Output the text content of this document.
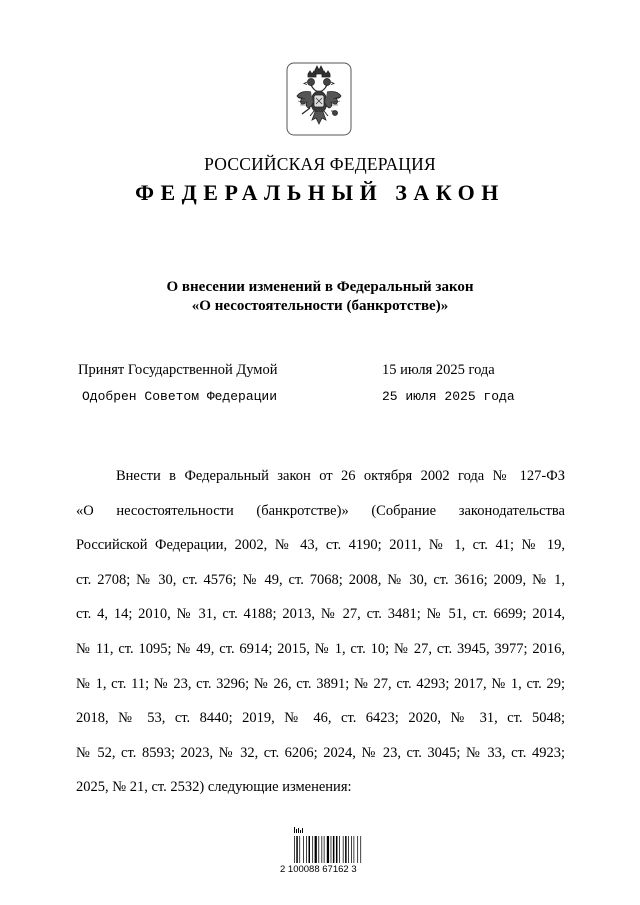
РОССИЙСКАЯ ФЕДЕРАЦИЯ
ФЕДЕРАЛЬНЫЙ ЗАКОН
О внесении изменений в Федеральный закон
«О несостоятельности (банкротстве)»
Принят Государственной Думой	15 июля 2025 года
Одобрен Советом Федерации	25 июля 2025 года
Внести в Федеральный закон от 26 октября 2002 года № 127-ФЗ
«О несостоятельности (банкротстве)» (Собрание законодательства
Российской Федерации, 2002, № 43, ст. 4190; 2011, № 1, ст. 41; № 19,
ст. 2708; № 30, ст. 4576; № 49, ст. 7068; 2008, № 30, ст. 3616; 2009, № 1,
ст. 4, 14; 2010, № 31, ст. 4188; 2013, № 27, ст. 3481; № 51, ст. 6699; 2014,
№ 11, ст. 1095; № 49, ст. 6914; 2015, № 1, ст. 10; № 27, ст. 3945, 3977; 2016,
№ 1, ст. 11; № 23, ст. 3296; № 26, ст. 3891; № 27, ст. 4293; 2017, № 1, ст. 29;
2018, № 53, ст. 8440; 2019, № 46, ст. 6423; 2020, № 31, ст. 5048;
№ 52, ст. 8593; 2023, № 32, ст. 6206; 2024, № 23, ст. 3045; № 33, ст. 4923;
2025, № 21, ст. 2532) следующие изменения:
2 100088 67162 3
